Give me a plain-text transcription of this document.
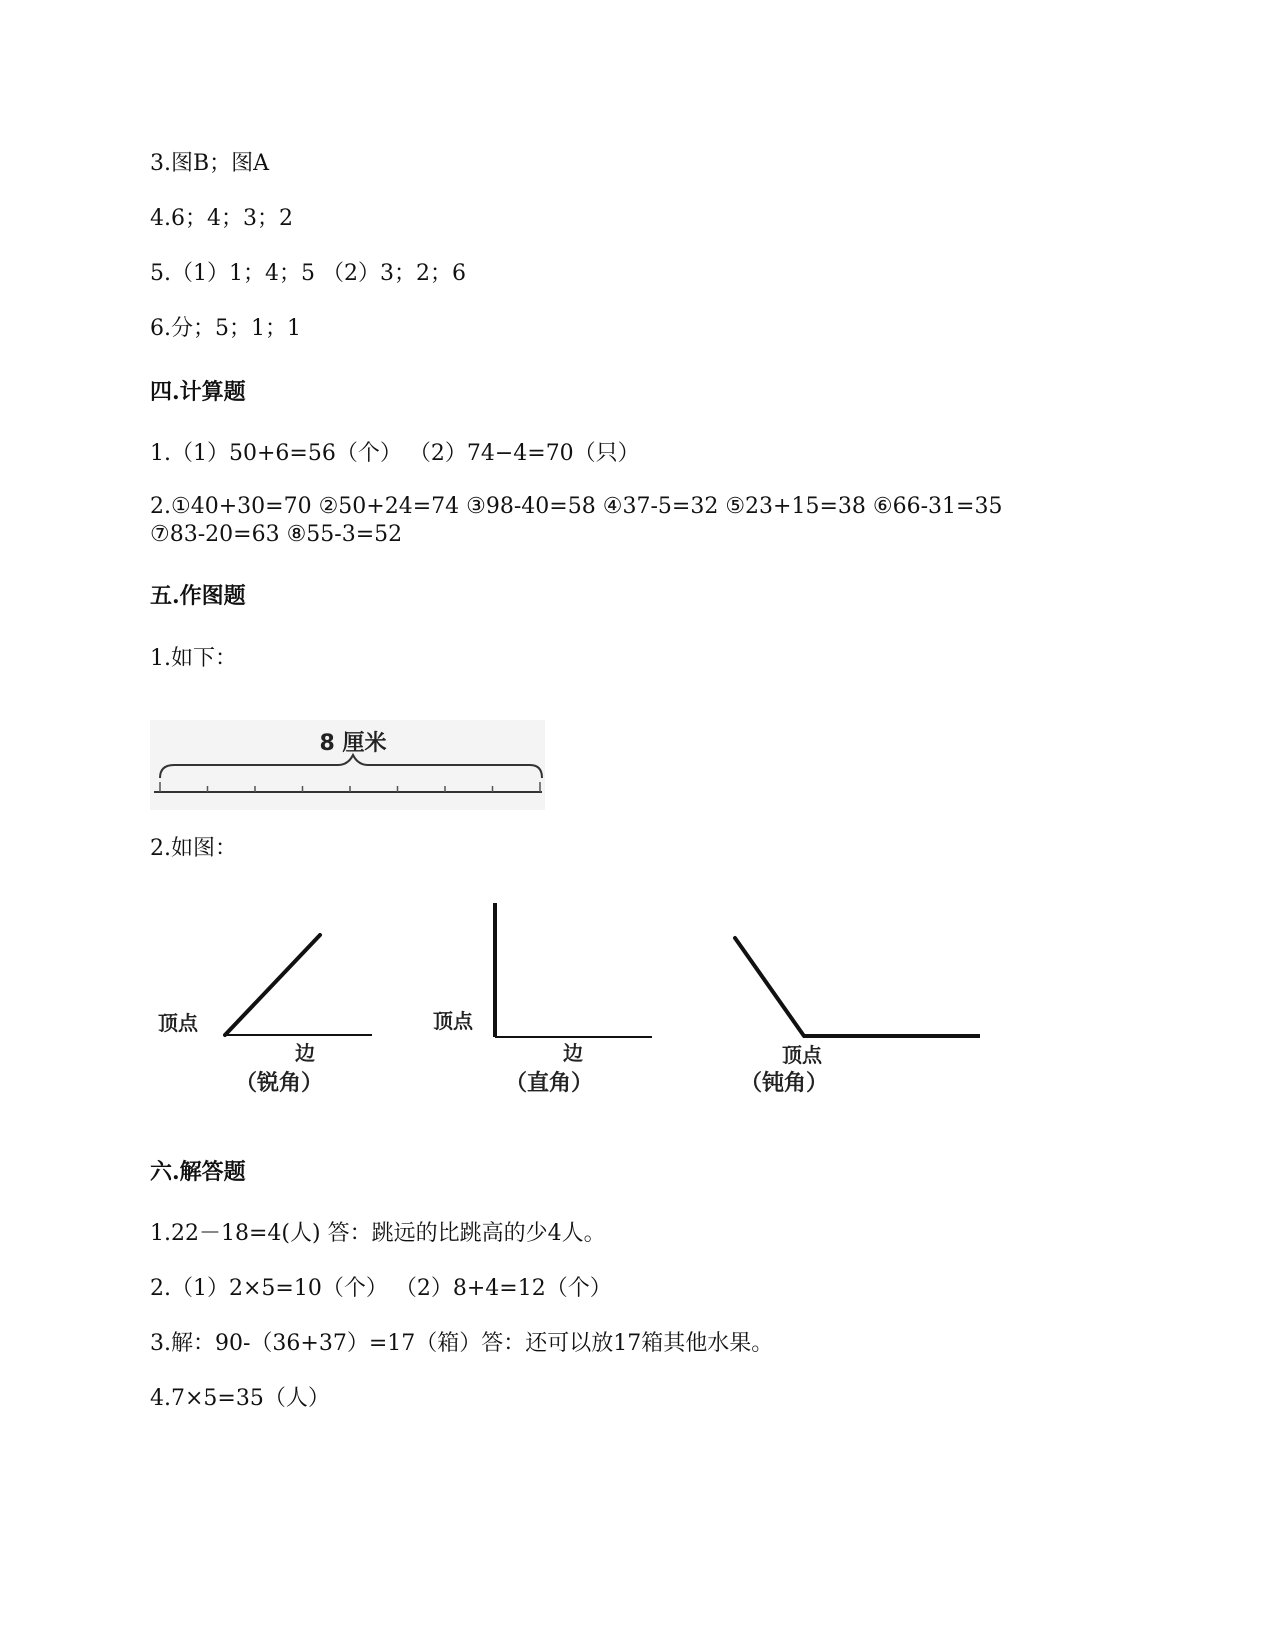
3.图B；图A
4.6；4；3；2
5.（1）1；4；5 （2）3；2；6
6.分；5；1；1
四.计算题
1.（1）50+6=56（个） （2）74−4=70（只）
2.①40+30=70 ②50+24=74 ③98-40=58 ④37-5=32 ⑤23+15=38 ⑥66-31=35 ⑦83-20=63 ⑧55-3=52
五.作图题
1.如下：
8 厘米
2.如图：
顶点
边
（锐角）
顶点
边
（直角）
顶点
（钝角）
六.解答题
1.22－18=4(人) 答：跳远的比跳高的少4人。
2.（1）2×5=10（个） （2）8+4=12（个）
3.解：90-（36+37）=17（箱）答：还可以放17箱其他水果。
4.7×5=35（人）
